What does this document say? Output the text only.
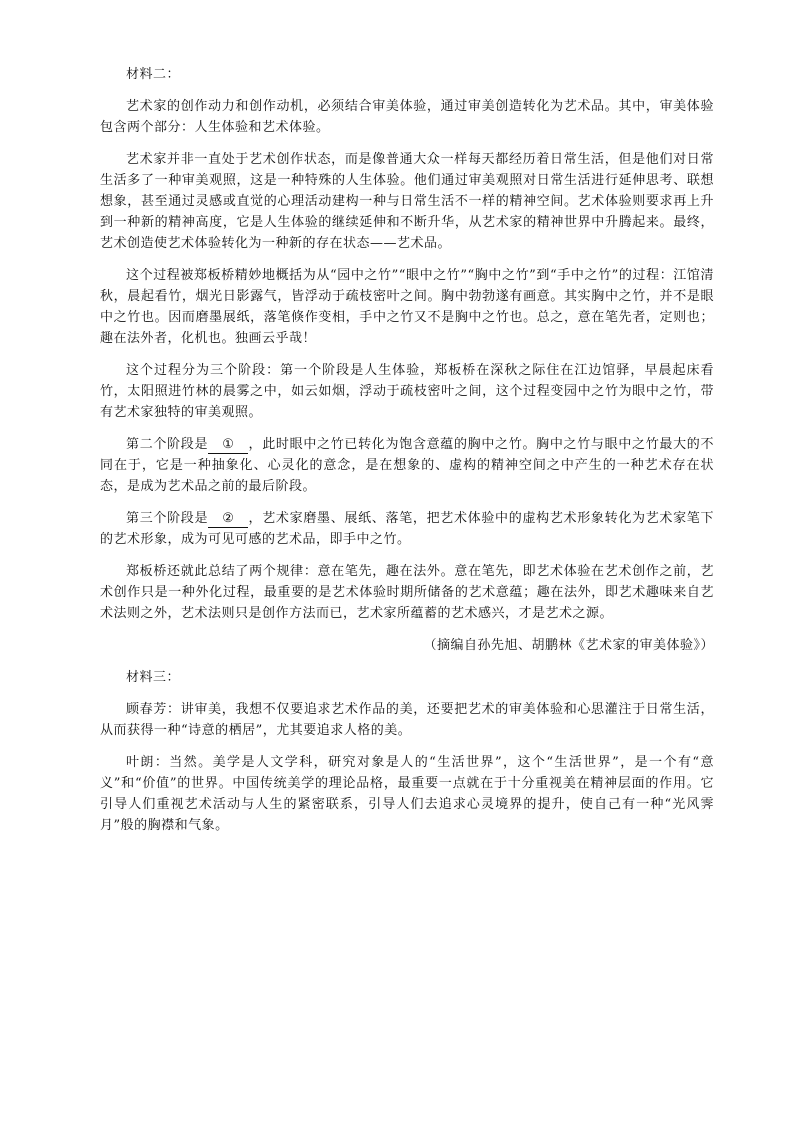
材料二：

艺术家的创作动力和创作动机，必须结合审美体验，通过审美创造转化为艺术品。其中，审美体验包含两个部分：人生体验和艺术体验。

艺术家并非一直处于艺术创作状态，而是像普通大众一样每天都经历着日常生活，但是他们对日常生活多了一种审美观照，这是一种特殊的人生体验。他们通过审美观照对日常生活进行延伸思考、联想想象，甚至通过灵感或直觉的心理活动建构一种与日常生活不一样的精神空间。艺术体验则要求再上升到一种新的精神高度，它是人生体验的继续延伸和不断升华，从艺术家的精神世界中升腾起来。最终，艺术创造使艺术体验转化为一种新的存在状态——艺术品。

这个过程被郑板桥精妙地概括为从“园中之竹”“眼中之竹”“胸中之竹”到“手中之竹”的过程：江馆清秋，晨起看竹，烟光日影露气，皆浮动于疏枝密叶之间。胸中勃勃遂有画意。其实胸中之竹，并不是眼中之竹也。因而磨墨展纸，落笔倏作变相，手中之竹又不是胸中之竹也。总之，意在笔先者，定则也；趣在法外者，化机也。独画云乎哉！

这个过程分为三个阶段：第一个阶段是人生体验，郑板桥在深秋之际住在江边馆驿，早晨起床看竹，太阳照进竹林的晨雾之中，如云如烟，浮动于疏枝密叶之间，这个过程变园中之竹为眼中之竹，带有艺术家独特的审美观照。

第二个阶段是 ① ，此时眼中之竹已转化为饱含意蕴的胸中之竹。胸中之竹与眼中之竹最大的不同在于，它是一种抽象化、心灵化的意念，是在想象的、虚构的精神空间之中产生的一种艺术存在状态，是成为艺术品之前的最后阶段。

第三个阶段是 ② ，艺术家磨墨、展纸、落笔，把艺术体验中的虚构艺术形象转化为艺术家笔下的艺术形象，成为可见可感的艺术品，即手中之竹。

郑板桥还就此总结了两个规律：意在笔先，趣在法外。意在笔先，即艺术体验在艺术创作之前，艺术创作只是一种外化过程，最重要的是艺术体验时期所储备的艺术意蕴；趣在法外，即艺术趣味来自艺术法则之外，艺术法则只是创作方法而已，艺术家所蕴蓄的艺术感兴，才是艺术之源。

（摘编自孙先旭、胡鹏林《艺术家的审美体验》）

材料三：

顾春芳：讲审美，我想不仅要追求艺术作品的美，还要把艺术的审美体验和心思灌注于日常生活，从而获得一种“诗意的栖居”，尤其要追求人格的美。

叶朗：当然。美学是人文学科，研究对象是人的“生活世界”，这个“生活世界”，是一个有“意义”和“价值”的世界。中国传统美学的理论品格，最重要一点就在于十分重视美在精神层面的作用。它引导人们重视艺术活动与人生的紧密联系，引导人们去追求心灵境界的提升，使自己有一种“光风霁月”般的胸襟和气象。
